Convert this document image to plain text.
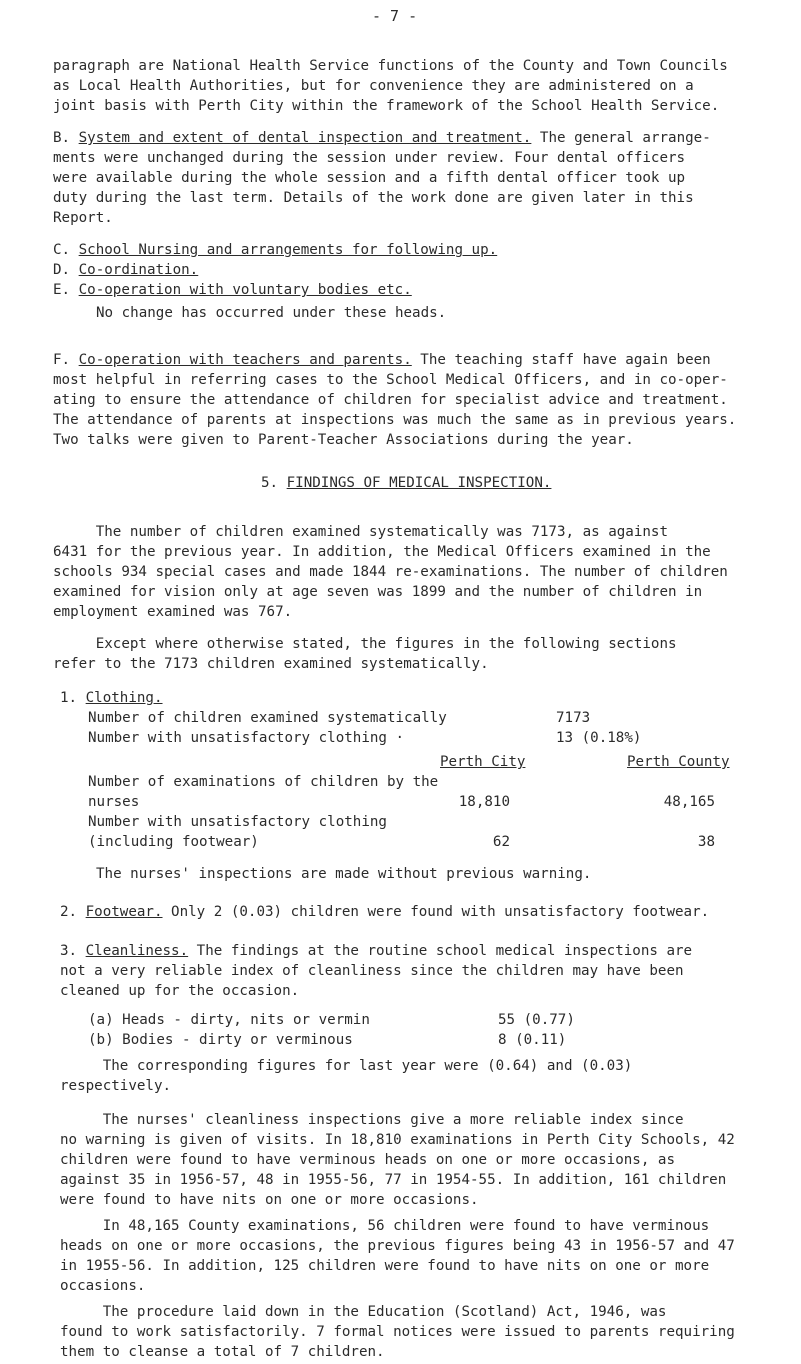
- 7 -
paragraph are National Health Service functions of the County and Town Councils
as Local Health Authorities, but for convenience they are administered on a
joint basis with Perth City within the framework of the School Health Service.
B. System and extent of dental inspection and treatment. The general arrange-
ments were unchanged during the session under review. Four dental officers
were available during the whole session and a fifth dental officer took up
duty during the last term. Details of the work done are given later in this
Report.
C. School Nursing and arrangements for following up.
D. Co-ordination.
E. Co-operation with voluntary bodies etc.
No change has occurred under these heads.
F. Co-operation with teachers and parents. The teaching staff have again been
most helpful in referring cases to the School Medical Officers, and in co-oper-
ating to ensure the attendance of children for specialist advice and treatment.
The attendance of parents at inspections was much the same as in previous years.
Two talks were given to Parent-Teacher Associations during the year.
5. FINDINGS OF MEDICAL INSPECTION.
The number of children examined systematically was 7173, as against
6431 for the previous year. In addition, the Medical Officers examined in the
schools 934 special cases and made 1844 re-examinations. The number of children
examined for vision only at age seven was 1899 and the number of children in
employment examined was 767.
Except where otherwise stated, the figures in the following sections
refer to the 7173 children examined systematically.
1. Clothing.
Number of children examined systematically	7173
Number with unsatisfactory clothing ·	13 (0.18%)
Perth City	Perth County
Number of examinations of children by the
nurses	18,810	48,165
Number with unsatisfactory clothing
(including footwear)	62	38
The nurses' inspections are made without previous warning.
2. Footwear. Only 2 (0.03) children were found with unsatisfactory footwear.
3. Cleanliness. The findings at the routine school medical inspections are
not a very reliable index of cleanliness since the children may have been
cleaned up for the occasion.
(a) Heads - dirty, nits or vermin	55 (0.77)
(b) Bodies - dirty or verminous	8 (0.11)
The corresponding figures for last year were (0.64) and (0.03)
respectively.
The nurses' cleanliness inspections give a more reliable index since
no warning is given of visits. In 18,810 examinations in Perth City Schools, 42
children were found to have verminous heads on one or more occasions, as
against 35 in 1956-57, 48 in 1955-56, 77 in 1954-55. In addition, 161 children
were found to have nits on one or more occasions.
In 48,165 County examinations, 56 children were found to have verminous
heads on one or more occasions, the previous figures being 43 in 1956-57 and 47
in 1955-56. In addition, 125 children were found to have nits on one or more
occasions.
The procedure laid down in the Education (Scotland) Act, 1946, was
found to work satisfactorily. 7 formal notices were issued to parents requiring
them to cleanse a total of 7 children.
